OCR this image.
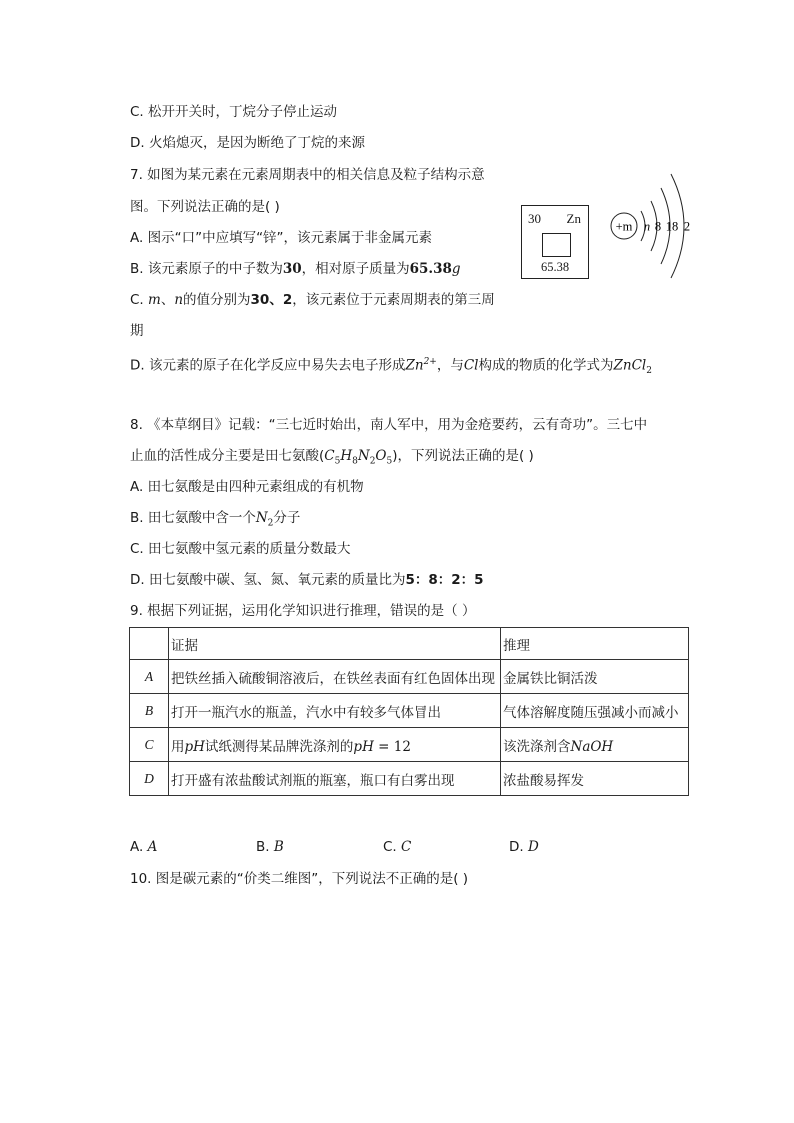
C. 松开开关时，丁烷分子停止运动
D. 火焰熄灭，是因为断绝了丁烷的来源
7. 如图为某元素在元素周期表中的相关信息及粒子结构示意
图。下列说法正确的是( )
A. 图示“口”中应填写“锌”，该元素属于非金属元素
B. 该元素原子的中子数为30，相对原子质量为65.38g
C. m、n的值分别为30、2，该元素位于元素周期表的第三周
期
D. 该元素的原子在化学反应中易失去电子形成$Zn^{2+}$，与Cl构成的物质的化学式为ZnCl$_2$
30 Zn
65.38
+m n 8 18 2
8. 《本草纲目》记载：“三七近时始出，南人军中，用为金疮要药，云有奇功”。三七中
止血的活性成分主要是田七氨酸$(C_5H_8N_2O_5)$，下列说法正确的是( )
A. 田七氨酸是由四种元素组成的有机物
B. 田七氨酸中含一个$N_2$分子
C. 田七氨酸中氢元素的质量分数最大
D. 田七氨酸中碳、氢、氮、氧元素的质量比为5：8：2：5
9. 根据下列证据，运用化学知识进行推理，错误的是（ ）
	证据	推理
A	把铁丝插入硫酸铜溶液后，在铁丝表面有红色固体出现	金属铁比铜活泼
B	打开一瓶汽水的瓶盖，汽水中有较多气体冒出	气体溶解度随压强减小而减小
C	用pH试纸测得某品牌洗涤剂的pH = 12	该洗涤剂含NaOH
D	打开盛有浓盐酸试剂瓶的瓶塞，瓶口有白雾出现	浓盐酸易挥发
A. A	B. B	C. C	D. D
10. 图是碳元素的“价类二维图”，下列说法不正确的是( )
